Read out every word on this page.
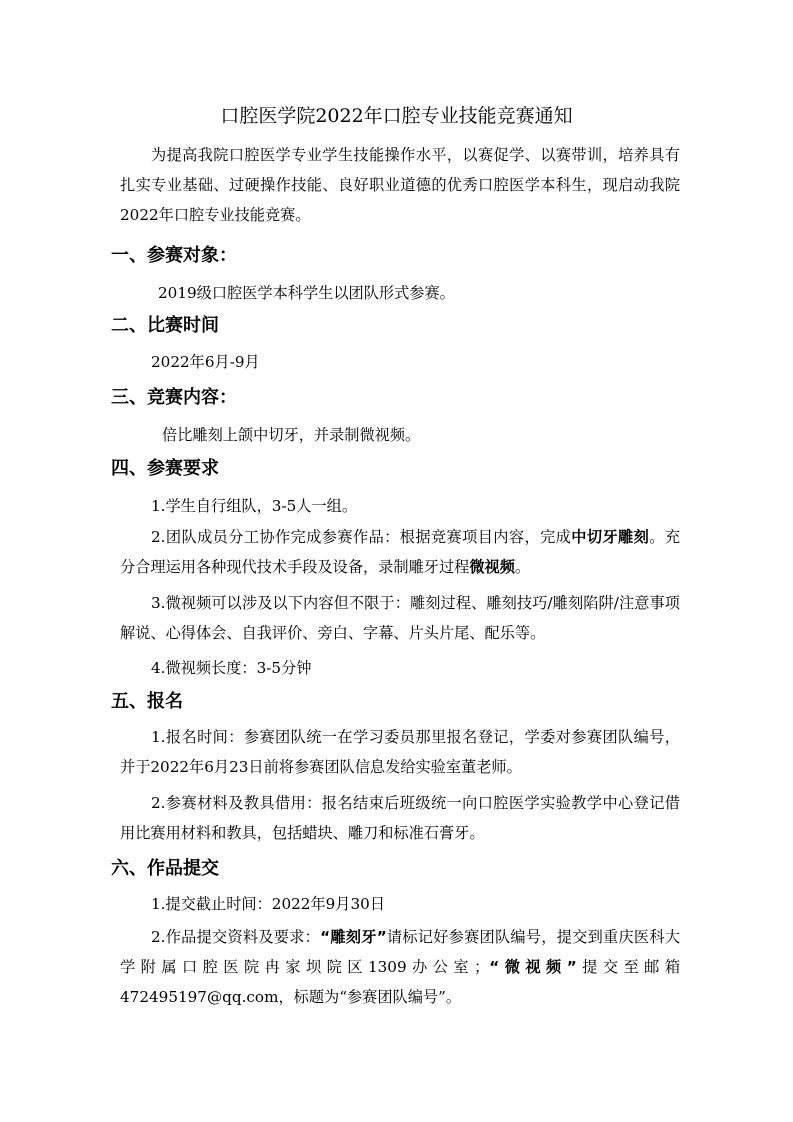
口腔医学院2022年口腔专业技能竞赛通知
为提高我院口腔医学专业学生技能操作水平，以赛促学、以赛带训，培养具有扎实专业基础、过硬操作技能、良好职业道德的优秀口腔医学本科生，现启动我院2022年口腔专业技能竞赛。
一、参赛对象：
2019级口腔医学本科学生以团队形式参赛。
二、比赛时间
2022年6月-9月
三、竞赛内容：
倍比雕刻上颌中切牙，并录制微视频。
四、参赛要求
1.学生自行组队，3-5人一组。
2.团队成员分工协作完成参赛作品：根据竞赛项目内容，完成中切牙雕刻。充分合理运用各种现代技术手段及设备，录制雕牙过程微视频。
3.微视频可以涉及以下内容但不限于：雕刻过程、雕刻技巧/雕刻陷阱/注意事项解说、心得体会、自我评价、旁白、字幕、片头片尾、配乐等。
4.微视频长度：3-5分钟
五、报名
1.报名时间：参赛团队统一在学习委员那里报名登记，学委对参赛团队编号，并于2022年6月23日前将参赛团队信息发给实验室董老师。
2.参赛材料及教具借用：报名结束后班级统一向口腔医学实验教学中心登记借用比赛用材料和教具，包括蜡块、雕刀和标准石膏牙。
六、作品提交
1.提交截止时间：2022年9月30日
2.作品提交资料及要求：“雕刻牙”请标记好参赛团队编号，提交到重庆医科大学附属口腔医院冉家坝院区1309办公室；“微视频”提交至邮箱472495197@qq.com，标题为“参赛团队编号”。
